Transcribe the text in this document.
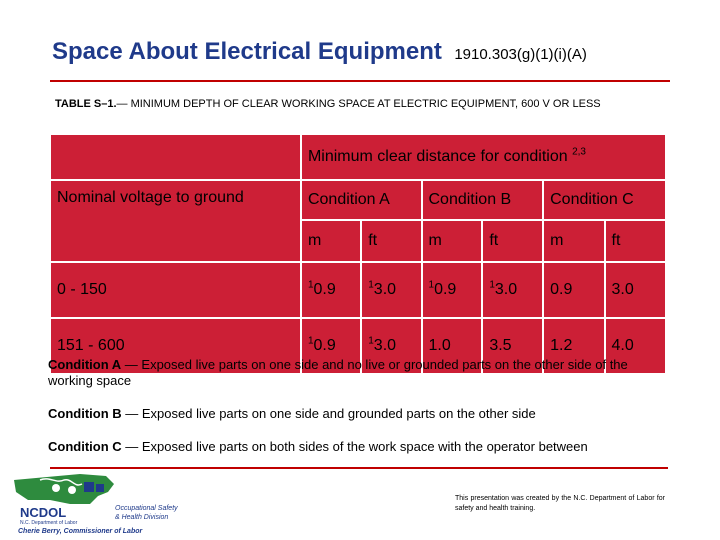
Space About Electrical Equipment 1910.303(g)(1)(i)(A)
TABLE S–1.— MINIMUM DEPTH OF CLEAR WORKING SPACE AT ELECTRIC EQUIPMENT, 600 V OR LESS
	Minimum clear distance for condition $^{2,3}$
Nominal voltage to ground	Condition A		Condition B		Condition C	
	m	ft	m	ft	m	ft
0 - 150	$^1$0.9	$^1$3.0	$^1$0.9	$^1$3.0	0.9	3.0
151 - 600	$^1$0.9	$^1$3.0	1.0	3.5	1.2	4.0
Condition A — Exposed live parts on one side and no live or grounded parts on the other side of the working space
Condition B — Exposed live parts on one side and grounded parts on the other side
Condition C — Exposed live parts on both sides of the work space with the operator between
NCDOL
N.C. Department of Labor
Occupational Safety
& Health Division
Cherie Berry, Commissioner of Labor
This presentation was created by the N.C. Department of Labor for safety and health training.
